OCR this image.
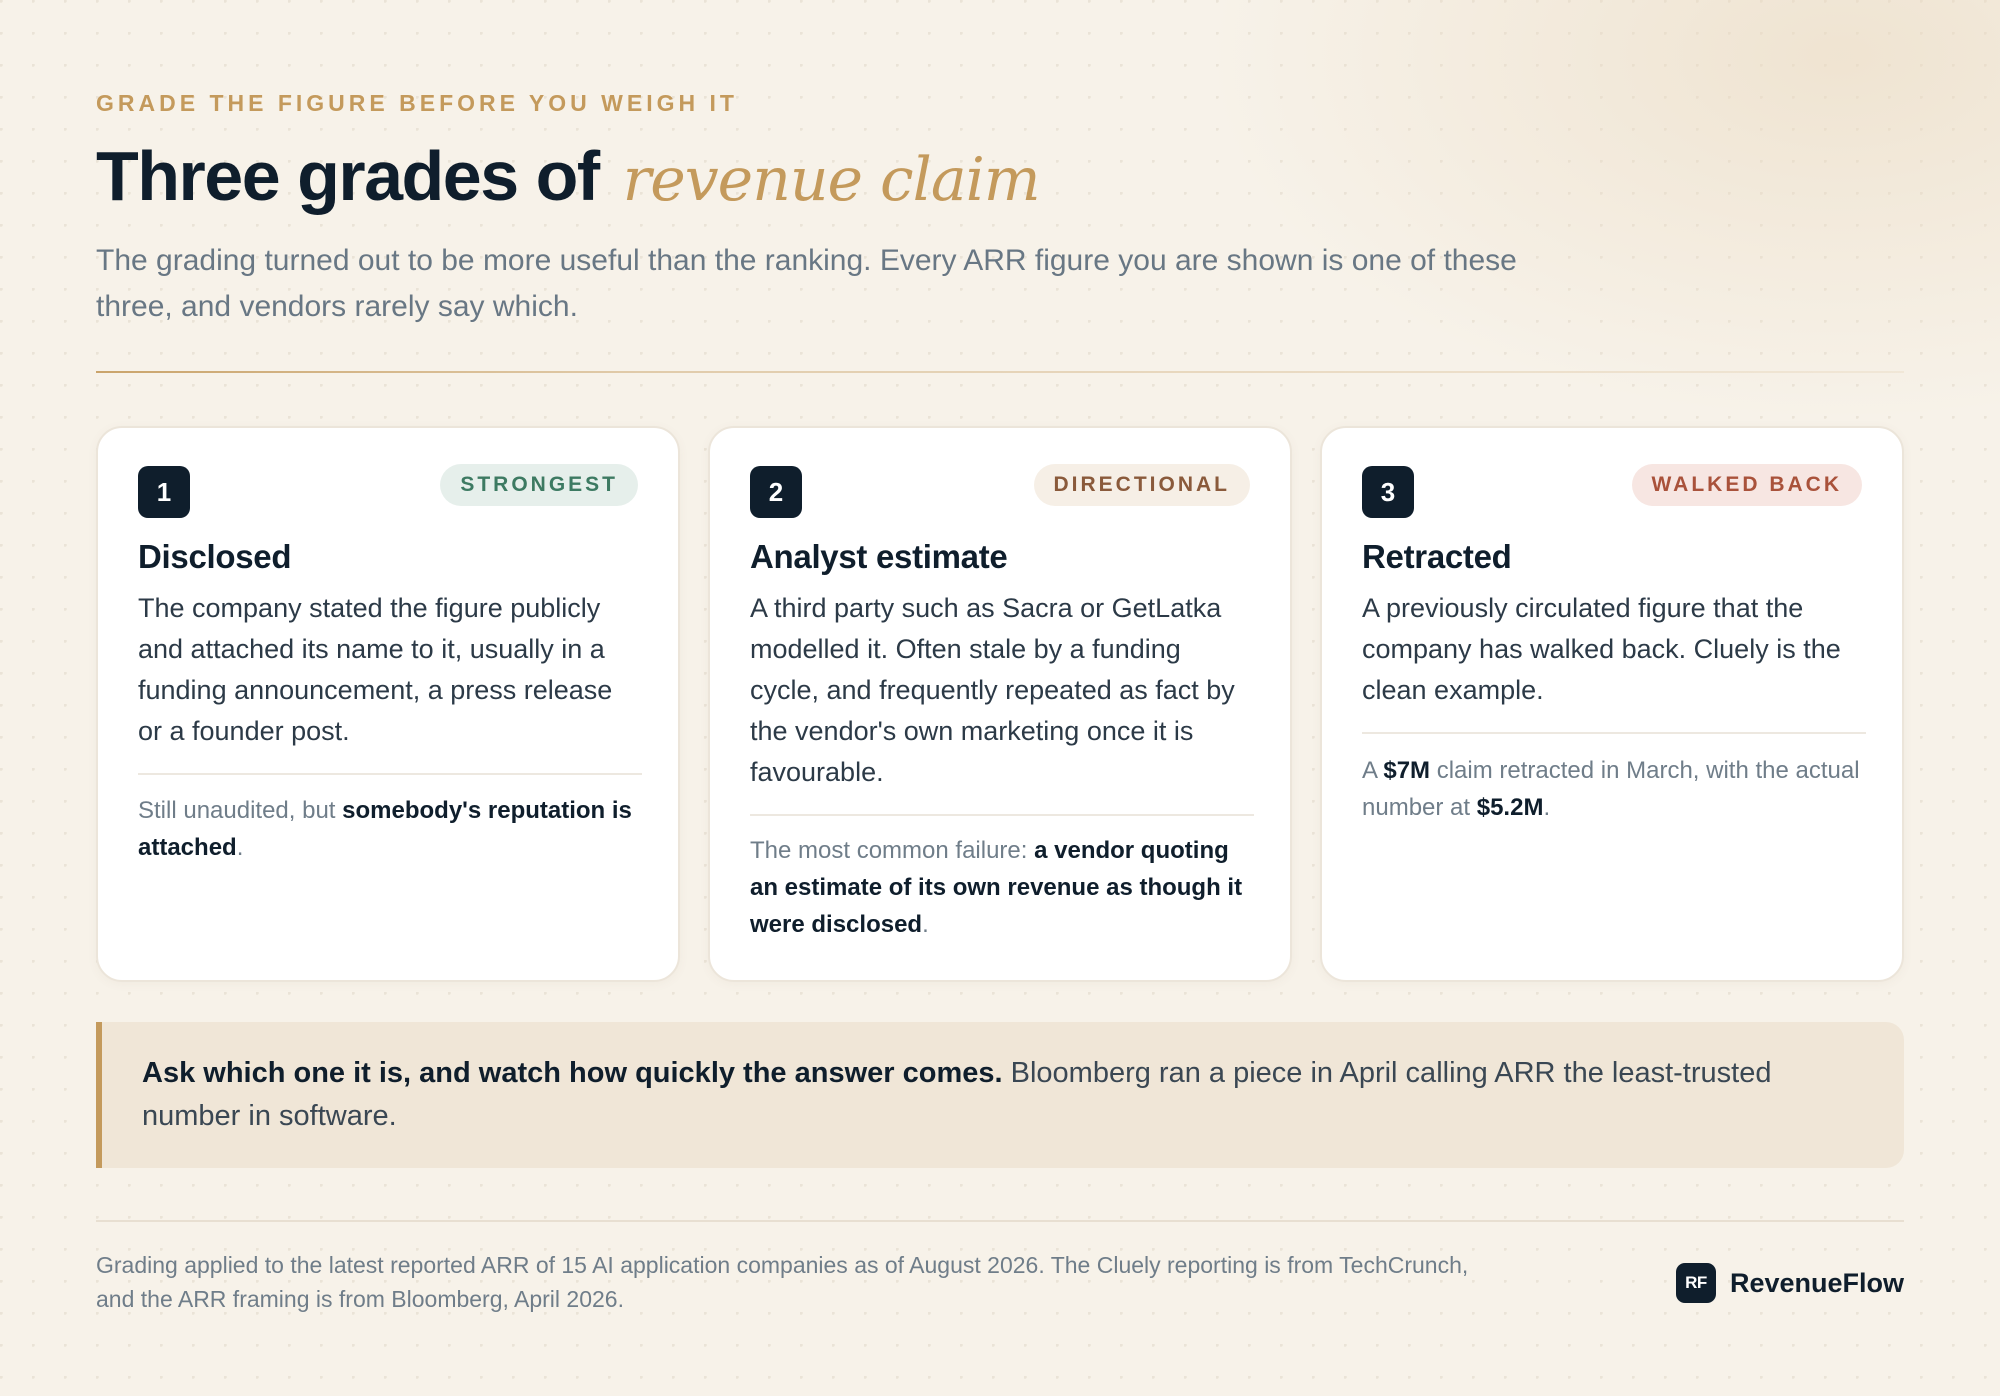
GRADE THE FIGURE BEFORE YOU WEIGH IT
Three grades of revenue claim

The grading turned out to be more useful than the ranking. Every ARR figure you are shown is one of these three, and vendors rarely say which.

1	STRONGEST
Disclosed
The company stated the figure publicly and attached its name to it, usually in a funding announcement, a press release or a founder post.
Still unaudited, but somebody's reputation is attached.
2	DIRECTIONAL
Analyst estimate
A third party such as Sacra or GetLatka modelled it. Often stale by a funding cycle, and frequently repeated as fact by the vendor's own marketing once it is favourable.
The most common failure: a vendor quoting an estimate of its own revenue as though it were disclosed.
3	WALKED BACK
Retracted
A previously circulated figure that the company has walked back. Cluely is the clean example.
A $7M claim retracted in March, with the actual number at $5.2M.
Ask which one it is, and watch how quickly the answer comes. Bloomberg ran a piece in April calling ARR the least-trusted number in software.

Grading applied to the latest reported ARR of 15 AI application companies as of August 2026. The Cluely reporting is from TechCrunch, and the ARR framing is from Bloomberg, April 2026.

RF RevenueFlow
